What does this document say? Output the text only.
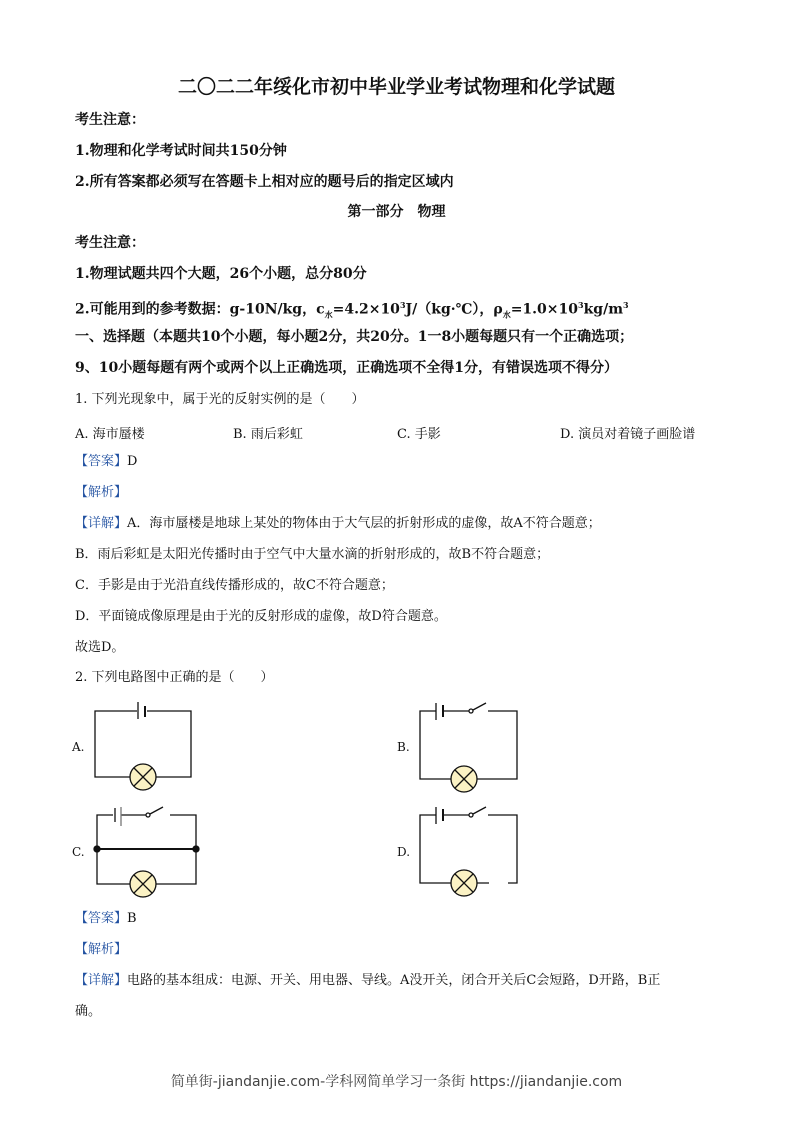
二〇二二年绥化市初中毕业学业考试物理和化学试题
考生注意：
1.物理和化学考试时间共150分钟
2.所有答案都必须写在答题卡上相对应的题号后的指定区域内
第一部分　物理
考生注意：
1.物理试题共四个大题，26个小题，总分80分
2.可能用到的参考数据：g-10N/kg，$c_水=4.2\times 10^3J/(kg\cdot℃)$，$\rho_水=1.0\times 10^3kg/m^3$
一、选择题（本题共10个小题，每小题2分，共20分。1一8小题每题只有一个正确选项；
9、10小题每题有两个或两个以上正确选项，正确选项不全得1分，有错误选项不得分）
1. 下列光现象中，属于光的反射实例的是（　　）
A. 海市蜃楼	B. 雨后彩虹	C. 手影	D. 演员对着镜子画脸谱
【答案】D
【解析】
【详解】A．海市蜃楼是地球上某处的物体由于大气层的折射形成的虚像，故A不符合题意；
B．雨后彩虹是太阳光传播时由于空气中大量水滴的折射形成的，故B不符合题意；
C．手影是由于光沿直线传播形成的，故C不符合题意；
D．平面镜成像原理是由于光的反射形成的虚像，故D符合题意。
故选D。
2. 下列电路图中正确的是（　　）
A.	B.
C.	D.
【答案】B
【解析】
【详解】电路的基本组成：电源、开关、用电器、导线。A没开关，闭合开关后C会短路，D开路，B正
确。
简单街-jiandanjie.com-学科网简单学习一条街 https://jiandanjie.com
